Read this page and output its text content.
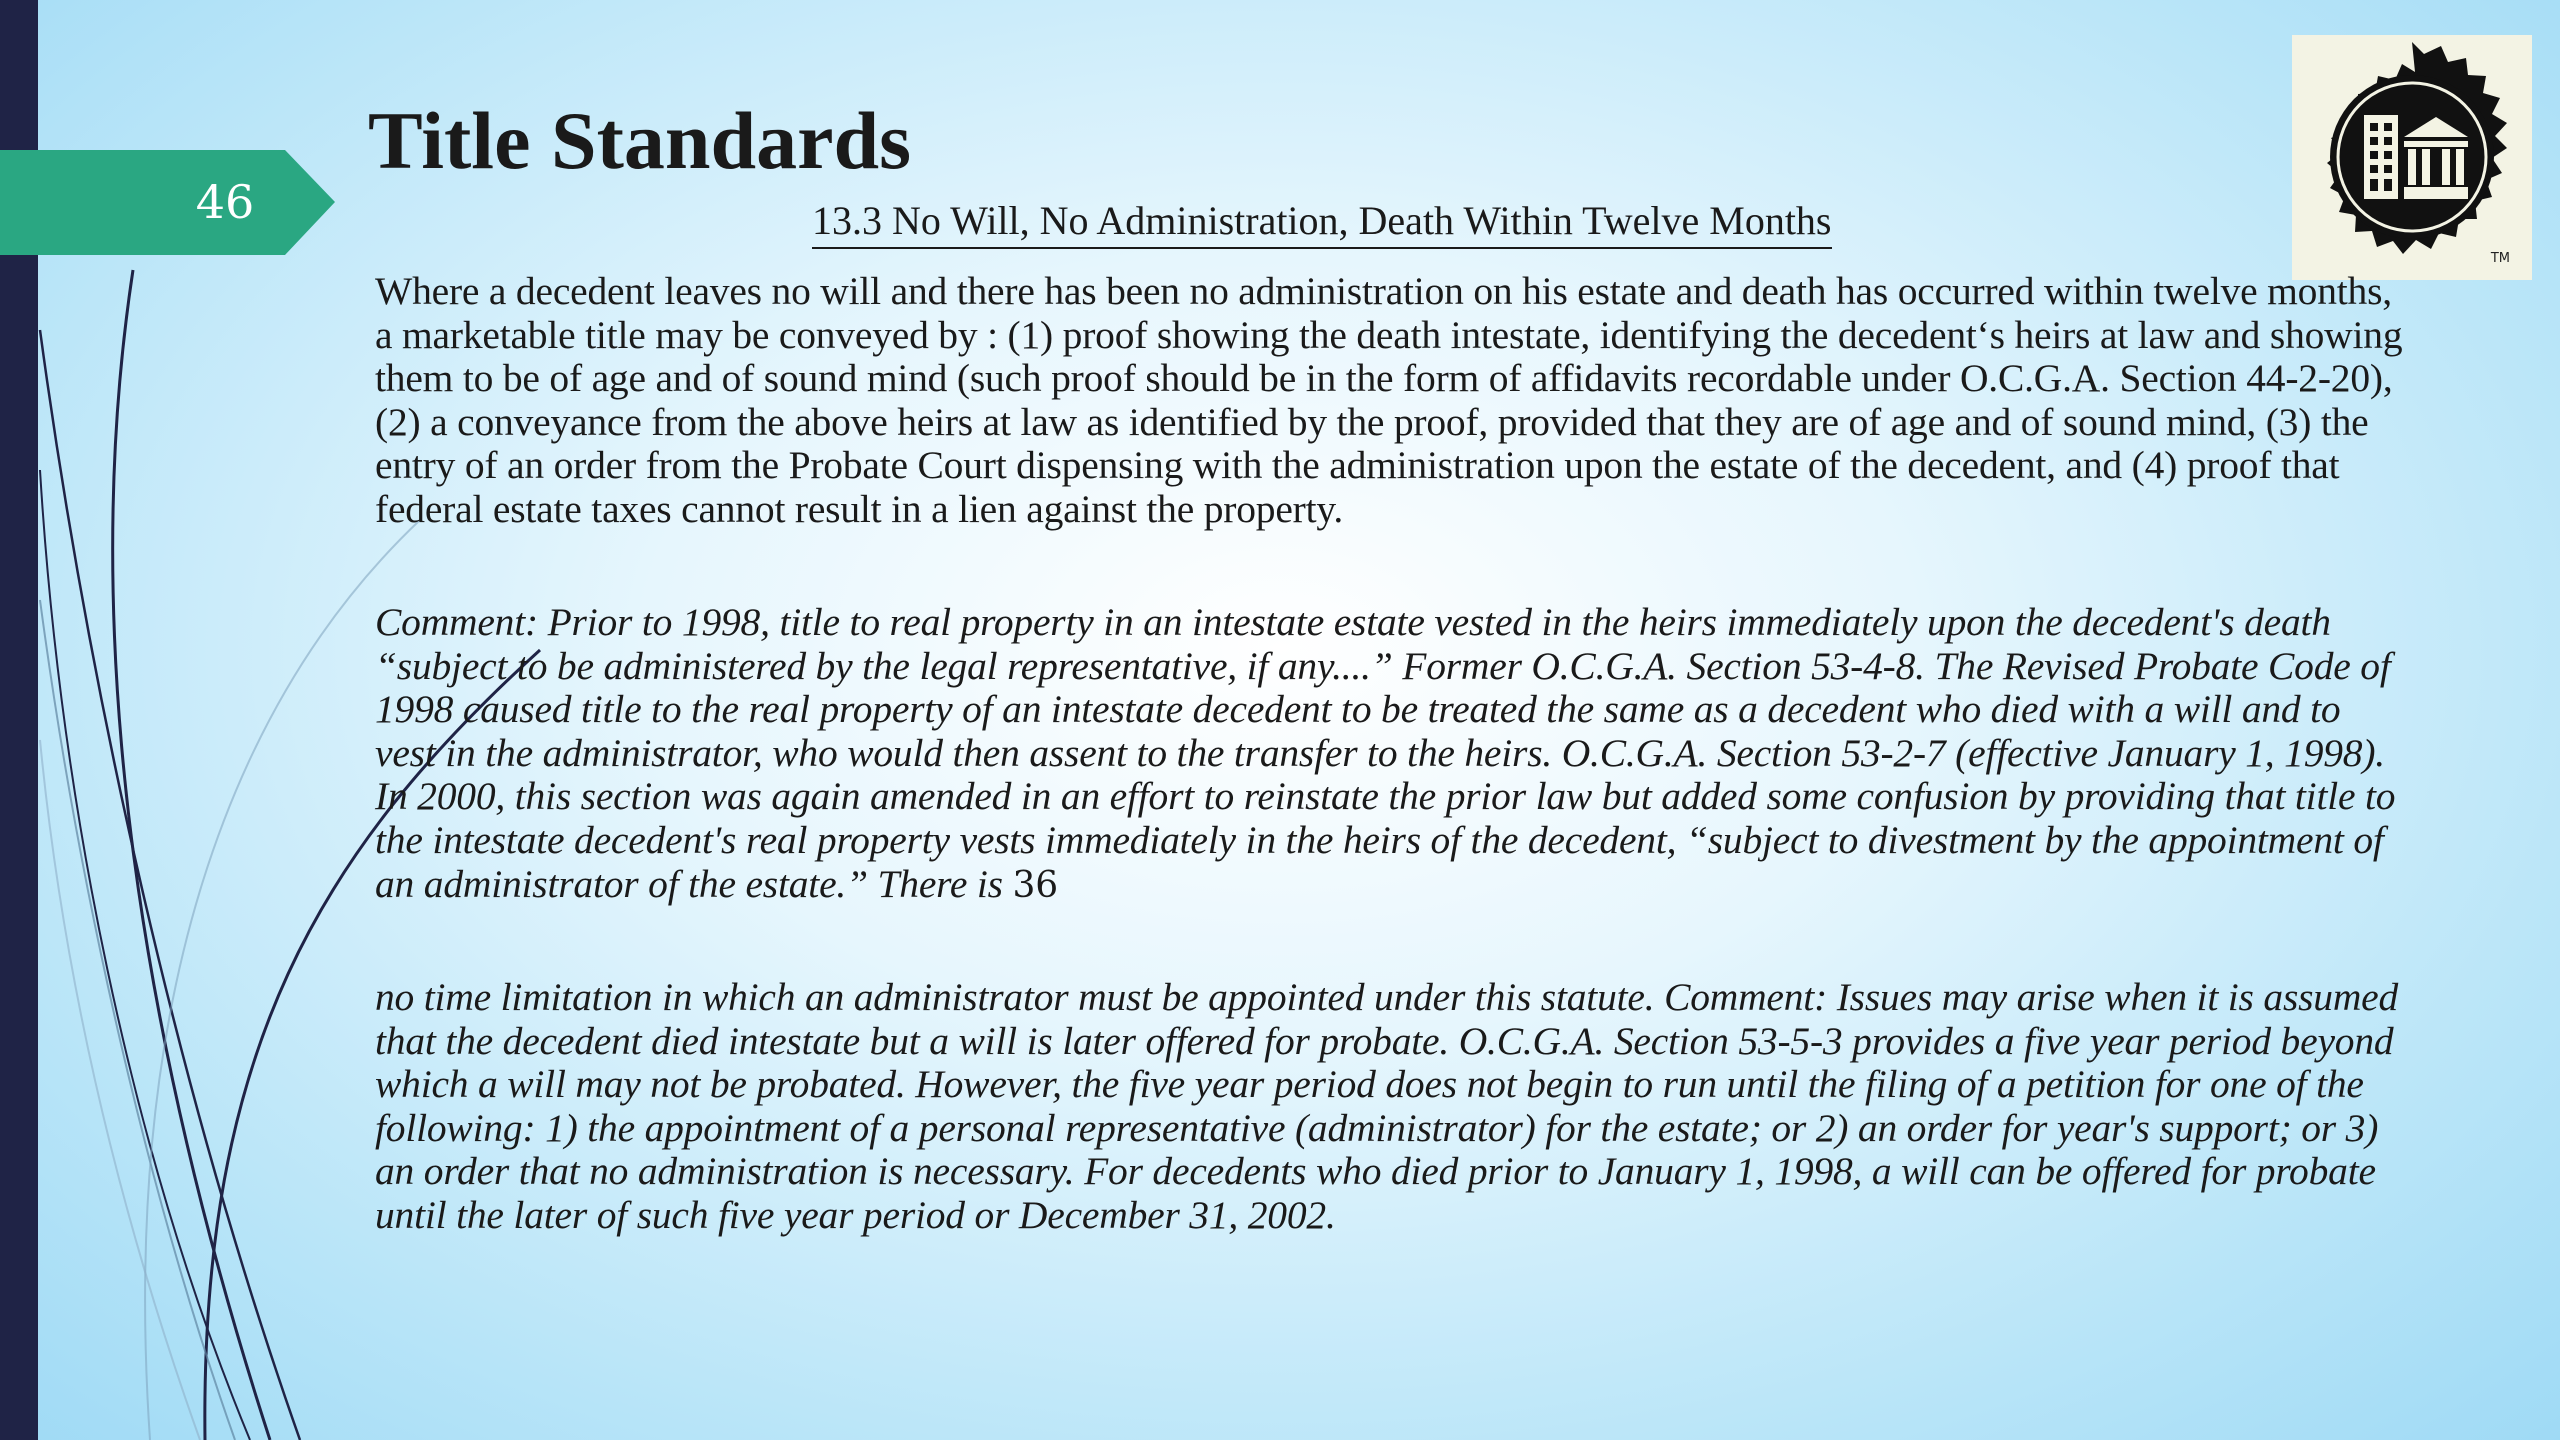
46
Title Standards
13.3 No Will, No Administration, Death Within Twelve Months
TM
Where a decedent leaves no will and there has been no administration on his estate and death has occurred within twelve months, a marketable title may be conveyed by : (1) proof showing the death intestate, identifying the decedent‘s heirs at law and showing them to be of age and of sound mind (such proof should be in the form of affidavits recordable under O.C.G.A. Section 44-2-20), (2) a conveyance from the above heirs at law as identified by the proof, provided that they are of age and of sound mind, (3) the entry of an order from the Probate Court dispensing with the administration upon the estate of the decedent, and (4) proof that federal estate taxes cannot result in a lien against the property.
Comment: Prior to 1998, title to real property in an intestate estate vested in the heirs immediately upon the decedent's death “subject to be administered by the legal representative, if any....” Former O.C.G.A. Section 53-4-8. The Revised Probate Code of 1998 caused title to the real property of an intestate decedent to be treated the same as a decedent who died with a will and to vest in the administrator, who would then assent to the transfer to the heirs. O.C.G.A. Section 53-2-7 (effective January 1, 1998). In 2000, this section was again amended in an effort to reinstate the prior law but added some confusion by providing that title to the intestate decedent's real property vests immediately in the heirs of the decedent, “subject to divestment by the appointment of an administrator of the estate.” There is 36
no time limitation in which an administrator must be appointed under this statute. Comment: Issues may arise when it is assumed that the decedent died intestate but a will is later offered for probate. O.C.G.A. Section 53-5-3 provides a five year period beyond which a will may not be probated. However, the five year period does not begin to run until the filing of a petition for one of the following: 1) the appointment of a personal representative (administrator) for the estate; or 2) an order for year's support; or 3) an order that no administration is necessary. For decedents who died prior to January 1, 1998, a will can be offered for probate until the later of such five year period or December 31, 2002.
